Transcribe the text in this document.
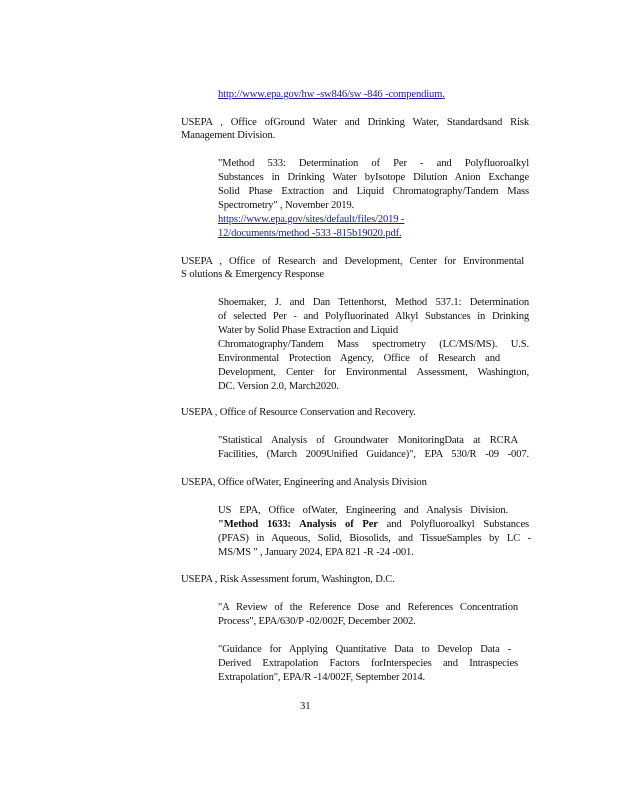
http://www.epa.gov/hw -sw846/sw -846 -compendium.
USEPA , Office ofGround Water and Drinking Water, Standardsand Risk
Management Division.
"Method 533: Determination of Per - and Polyfluoroalkyl
Substances in Drinking Water byIsotope Dilution Anion Exchange
Solid Phase Extraction and Liquid Chromatography/Tandem Mass
Spectrometry" , November 2019.
https://www.epa.gov/sites/default/files/2019 -
12/documents/method -533 -815b19020.pdf.
USEPA , Office of Research and Development, Center for Environmental
S olutions & Emergency Response
Shoemaker, J. and Dan Tettenhorst, Method 537.1: Determination
of selected Per - and Polyfluorinated Alkyl Substances in Drinking
Water by Solid Phase Extraction and Liquid
Chromatography/Tandem Mass spectrometry (LC/MS/MS). U.S.
Environmental Protection Agency, Office of Research and
Development, Center for Environmental Assessment, Washington,
DC. Version 2.0, March2020.
USEPA , Office of Resource Conservation and Recovery.
"Statistical Analysis of Groundwater MonitoringData at RCRA
Facilities, (March 2009Unified Guidance)", EPA 530/R -09 -007.
USEPA, Office ofWater, Engineering and Analysis Division
US EPA, Office ofWater, Engineering and Analysis Division.
"Method 1633: Analysis of Per and Polyfluoroalkyl Substances
(PFAS) in Aqueous, Solid, Biosolids, and TissueSamples by LC -
MS/MS " , January 2024, EPA 821 -R -24 -001.
USEPA , Risk Assessment forum, Washington, D.C.
"A Review of the Reference Dose and References Concentration
Process", EPA/630/P -02/002F, December 2002.
"Guidance for Applying Quantitative Data to Develop Data -
Derived Extrapolation Factors forInterspecies and Intraspecies
Extrapolation", EPA/R -14/002F, September 2014.
31
